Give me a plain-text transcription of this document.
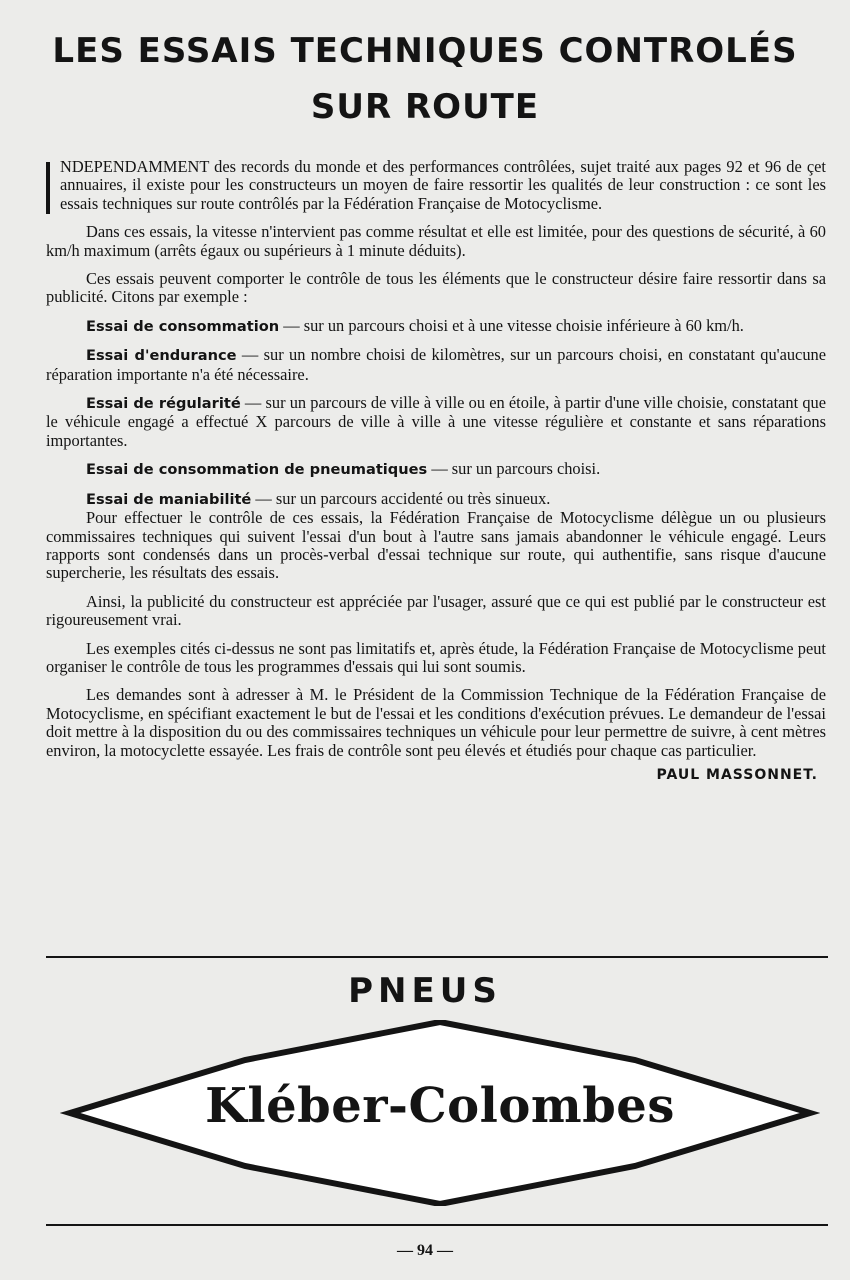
LES ESSAIS TECHNIQUES CONTROLÉS
SUR ROUTE

NDEPENDAMMENT des records du monde et des performances contrôlées, sujet traité aux pages 92 et 96 de çet annuaires, il existe pour les constructeurs un moyen de faire ressortir les qualités de leur construction : ce sont les essais techniques sur route contrôlés par la Fédération Française de Motocyclisme.

Dans ces essais, la vitesse n'intervient pas comme résultat et elle est limitée, pour des questions de sécurité, à 60 km/h maximum (arrêts égaux ou supérieurs à 1 minute déduits).

Ces essais peuvent comporter le contrôle de tous les éléments que le constructeur désire faire ressortir dans sa publicité. Citons par exemple :

Essai de consommation — sur un parcours choisi et à une vitesse choisie inférieure à 60 km/h.

Essai d'endurance — sur un nombre choisi de kilomètres, sur un parcours choisi, en constatant qu'aucune réparation importante n'a été nécessaire.

Essai de régularité — sur un parcours de ville à ville ou en étoile, à partir d'une ville choisie, constatant que le véhicule engagé a effectué X parcours de ville à ville à une vitesse régulière et constante et sans réparations importantes.

Essai de consommation de pneumatiques — sur un parcours choisi.

Essai de maniabilité — sur un parcours accidenté ou très sinueux.

Pour effectuer le contrôle de ces essais, la Fédération Française de Motocyclisme délègue un ou plusieurs commissaires techniques qui suivent l'essai d'un bout à l'autre sans jamais abandonner le véhicule engagé. Leurs rapports sont condensés dans un procès-verbal d'essai technique sur route, qui authentifie, sans risque d'aucune supercherie, les résultats des essais.

Ainsi, la publicité du constructeur est appréciée par l'usager, assuré que ce qui est publié par le constructeur est rigoureusement vrai.

Les exemples cités ci-dessus ne sont pas limitatifs et, après étude, la Fédération Française de Motocyclisme peut organiser le contrôle de tous les programmes d'essais qui lui sont soumis.

Les demandes sont à adresser à M. le Président de la Commission Technique de la Fédération Française de Motocyclisme, en spécifiant exactement le but de l'essai et les conditions d'exécution prévues. Le demandeur de l'essai doit mettre à la disposition du ou des commissaires techniques un véhicule pour leur permettre de suivre, à cent mètres environ, la motocyclette essayée. Les frais de contrôle sont peu élevés et étudiés pour chaque cas particulier.

PAUL MASSONNET.
PNEUS
Kléber-Colombes
— 94 —
